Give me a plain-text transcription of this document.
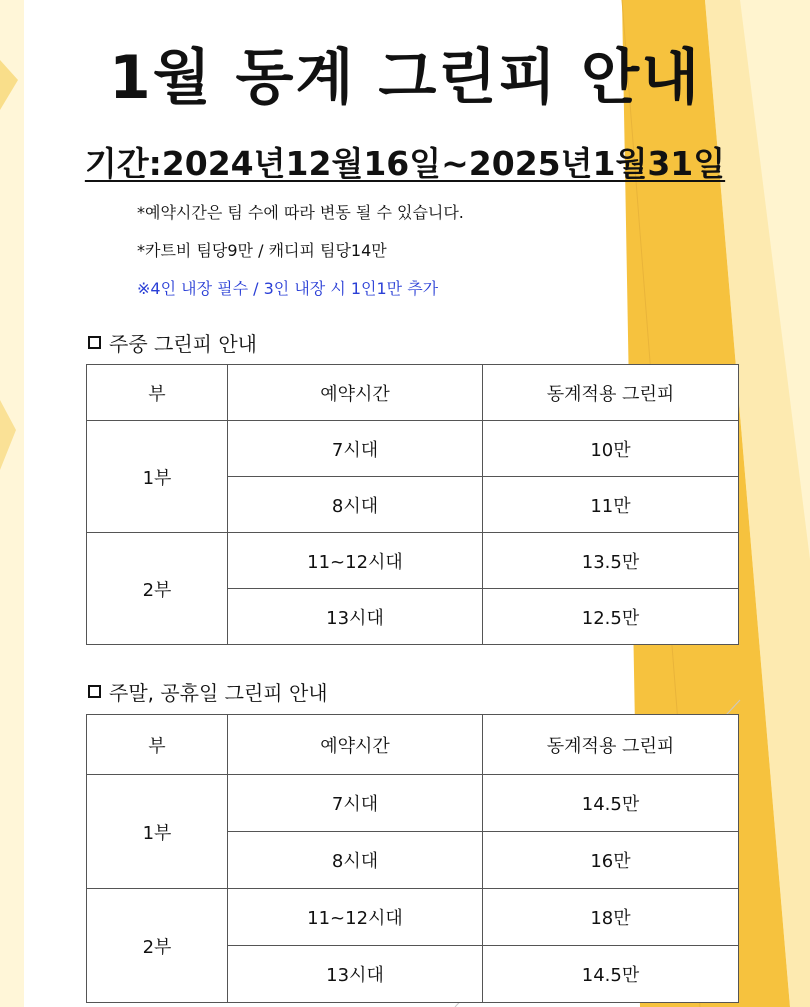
1월 동계 그린피 안내
기간:2024년12월16일~2025년1월31일
*예약시간은 팀 수에 따라 변동 될 수 있습니다.
*카트비 팀당9만 / 캐디피 팀당14만
※4인 내장 필수 / 3인 내장 시 1인1만 추가
주중 그린피 안내
부	예약시간	동계적용 그린피
1부	7시대	10만
	8시대	11만
2부	11~12시대	13.5만
	13시대	12.5만
주말, 공휴일 그린피 안내
부	예약시간	동계적용 그린피
1부	7시대	14.5만
	8시대	16만
2부	11~12시대	18만
	13시대	14.5만
